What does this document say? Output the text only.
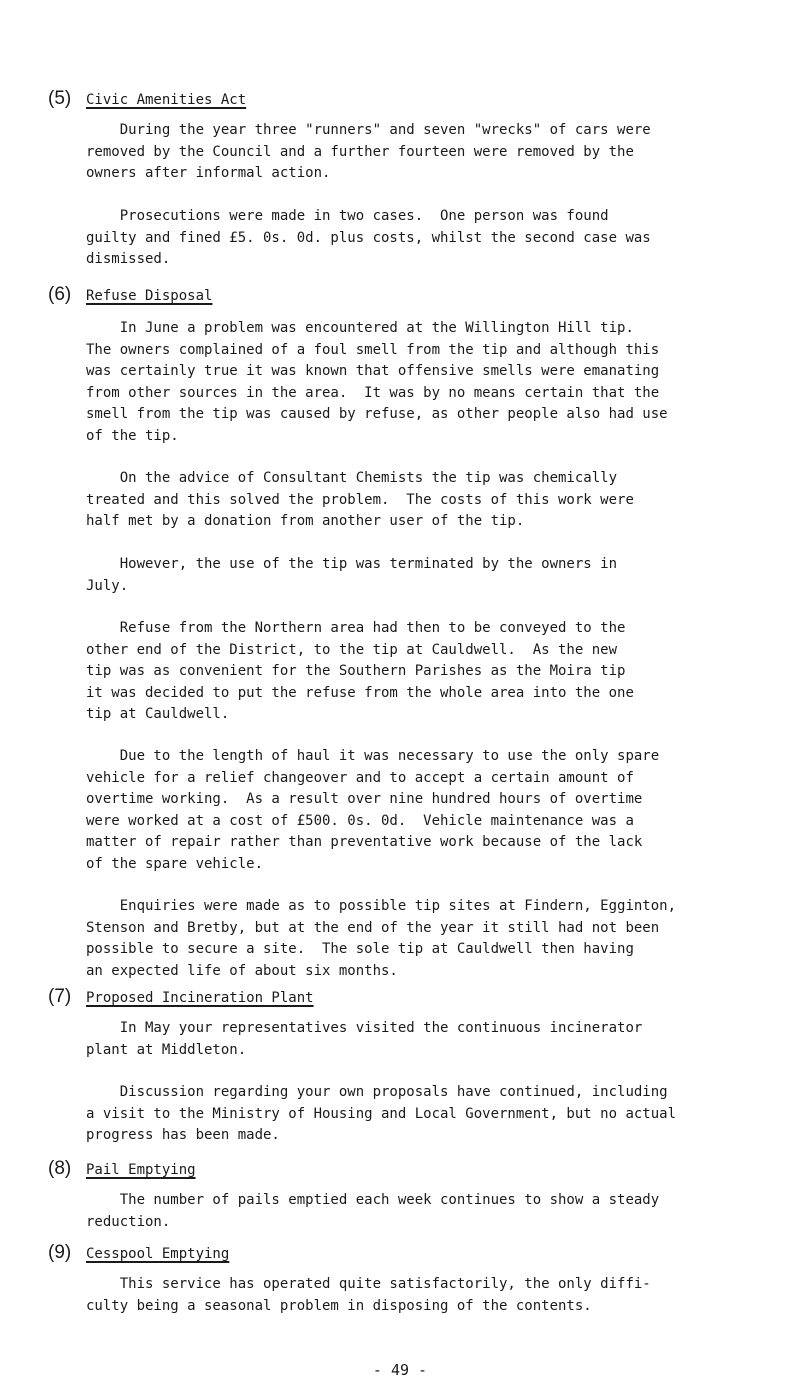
(5) Civic Amenities Act
During the year three "runners" and seven "wrecks" of cars were
removed by the Council and a further fourteen were removed by the
owners after informal action.
Prosecutions were made in two cases.  One person was found
guilty and fined £5. 0s. 0d. plus costs, whilst the second case was
dismissed.
(6) Refuse Disposal
In June a problem was encountered at the Willington Hill tip.
The owners complained of a foul smell from the tip and although this
was certainly true it was known that offensive smells were emanating
from other sources in the area.  It was by no means certain that the
smell from the tip was caused by refuse, as other people also had use
of the tip.
On the advice of Consultant Chemists the tip was chemically
treated and this solved the problem.  The costs of this work were
half met by a donation from another user of the tip.
However, the use of the tip was terminated by the owners in
July.
Refuse from the Northern area had then to be conveyed to the
other end of the District, to the tip at Cauldwell.  As the new
tip was as convenient for the Southern Parishes as the Moira tip
it was decided to put the refuse from the whole area into the one
tip at Cauldwell.
Due to the length of haul it was necessary to use the only spare
vehicle for a relief changeover and to accept a certain amount of
overtime working.  As a result over nine hundred hours of overtime
were worked at a cost of £500. 0s. 0d.  Vehicle maintenance was a
matter of repair rather than preventative work because of the lack
of the spare vehicle.
Enquiries were made as to possible tip sites at Findern, Egginton,
Stenson and Bretby, but at the end of the year it still had not been
possible to secure a site.  The sole tip at Cauldwell then having
an expected life of about six months.
(7) Proposed Incineration Plant
In May your representatives visited the continuous incinerator
plant at Middleton.
Discussion regarding your own proposals have continued, including
a visit to the Ministry of Housing and Local Government, but no actual
progress has been made.
(8) Pail Emptying
The number of pails emptied each week continues to show a steady
reduction.
(9) Cesspool Emptying
This service has operated quite satisfactorily, the only diffi-
culty being a seasonal problem in disposing of the contents.
- 49 -
